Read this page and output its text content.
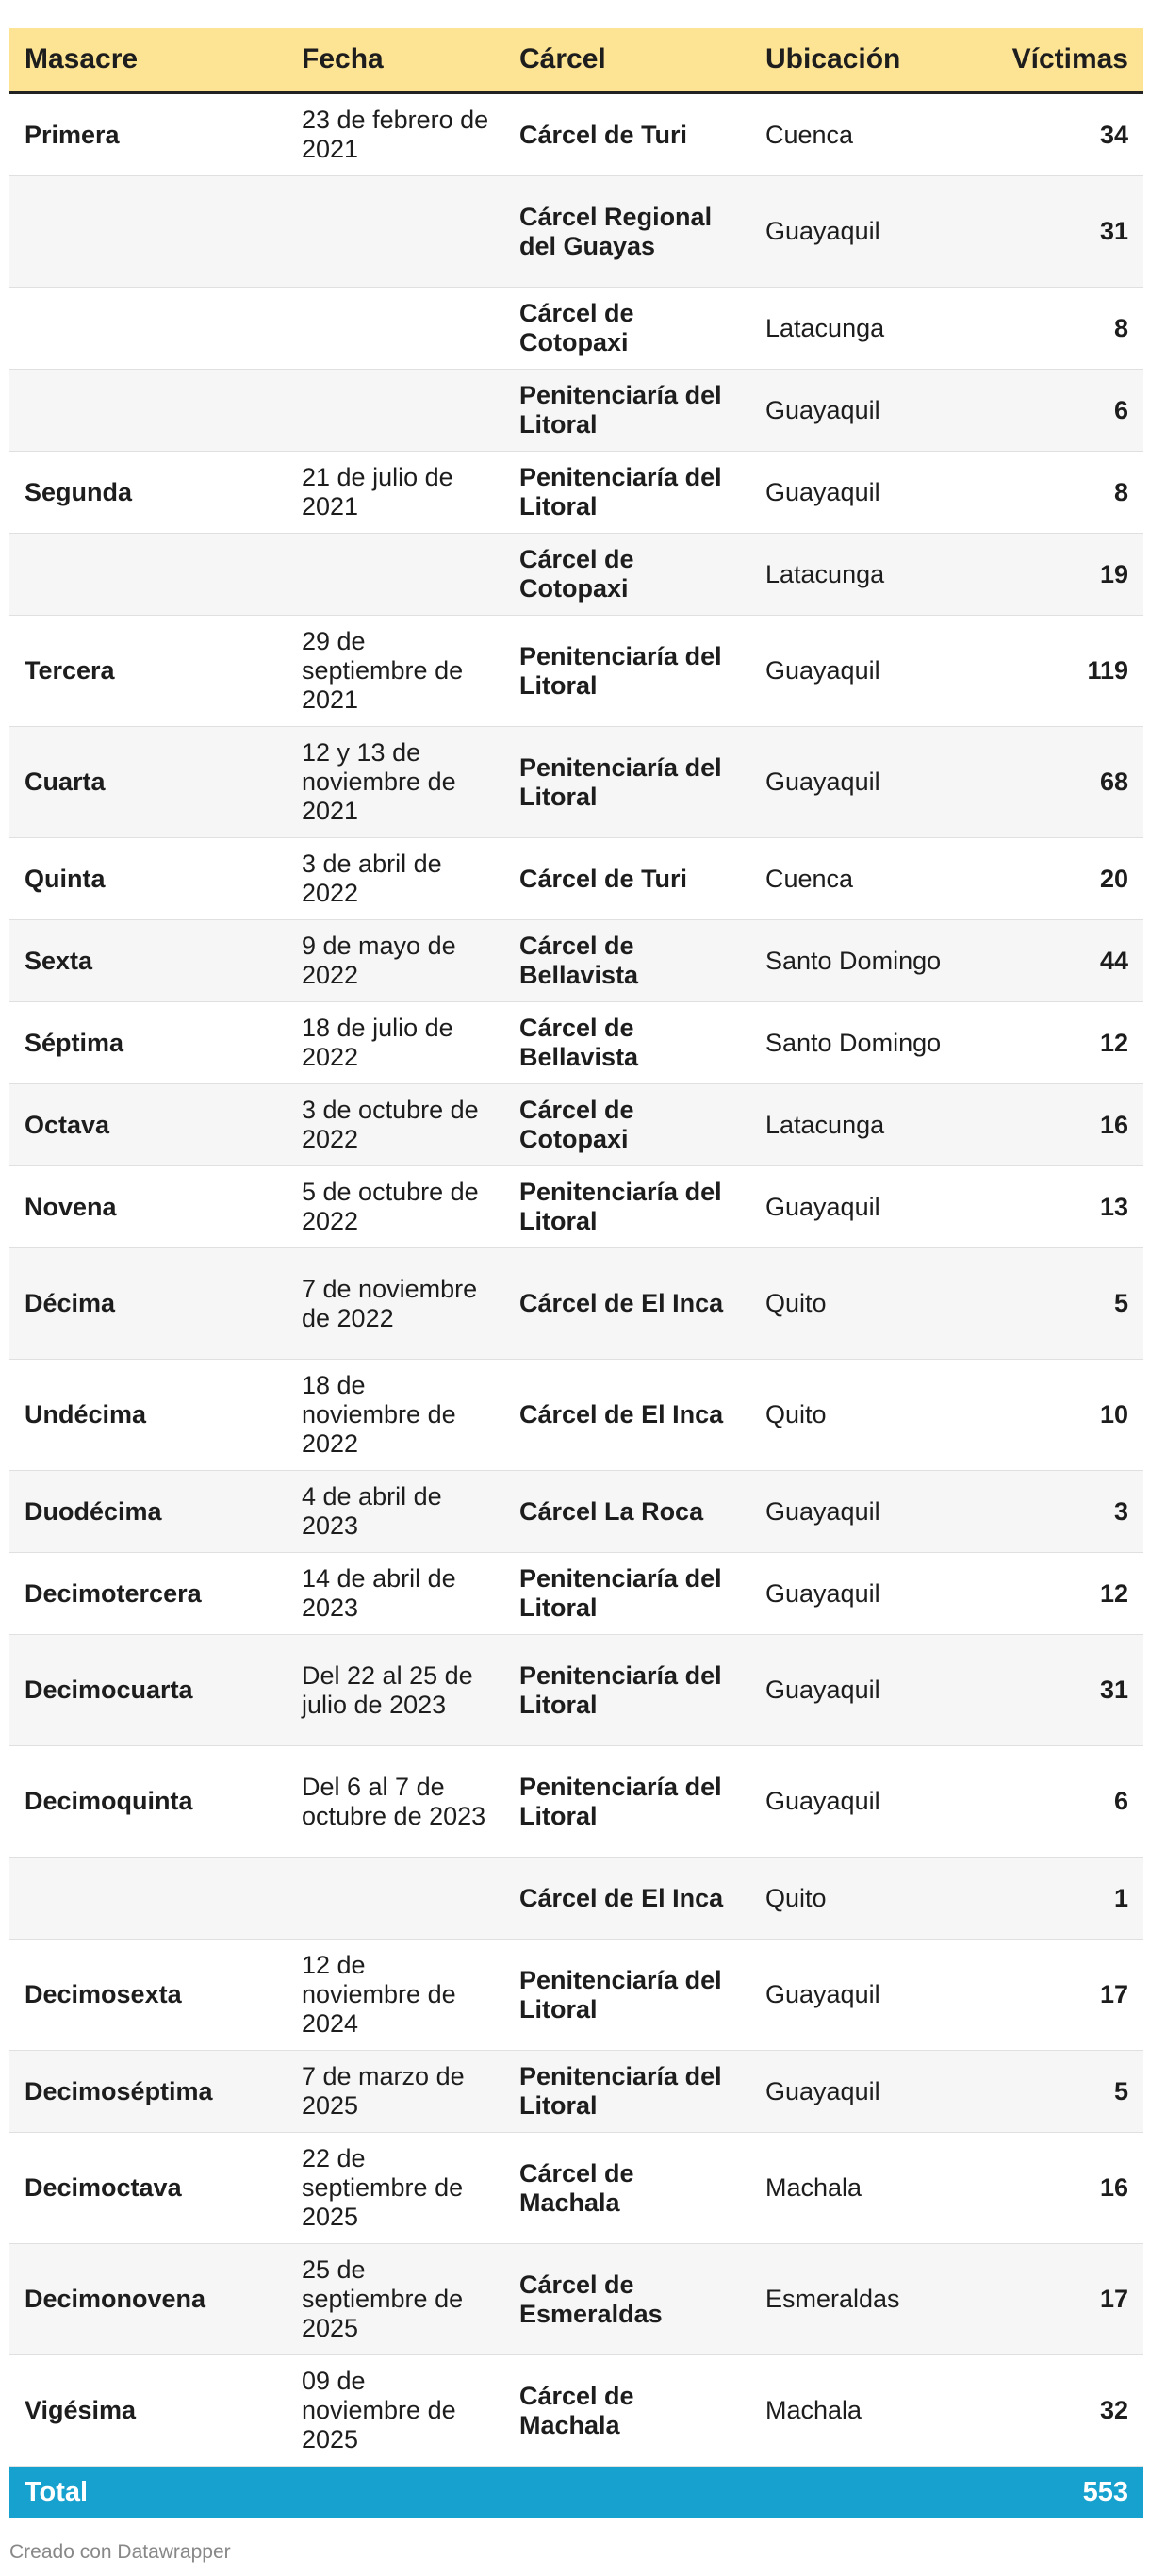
Masacre	Fecha	Cárcel	Ubicación	Víctimas
Primera	23 de febrero de 2021	Cárcel de Turi	Cuenca	34
		Cárcel Regional del Guayas	Guayaquil	31
		Cárcel de Cotopaxi	Latacunga	8
		Penitenciaría del Litoral	Guayaquil	6
Segunda	21 de julio de 2021	Penitenciaría del Litoral	Guayaquil	8
		Cárcel de Cotopaxi	Latacunga	19
Tercera	29 de septiembre de 2021	Penitenciaría del Litoral	Guayaquil	119
Cuarta	12 y 13 de noviembre de 2021	Penitenciaría del Litoral	Guayaquil	68
Quinta	3 de abril de 2022	Cárcel de Turi	Cuenca	20
Sexta	9 de mayo de 2022	Cárcel de Bellavista	Santo Domingo	44
Séptima	18 de julio de 2022	Cárcel de Bellavista	Santo Domingo	12
Octava	3 de octubre de 2022	Cárcel de Cotopaxi	Latacunga	16
Novena	5 de octubre de 2022	Penitenciaría del Litoral	Guayaquil	13
Décima	7 de noviembre de 2022	Cárcel de El Inca	Quito	5
Undécima	18 de noviembre de 2022	Cárcel de El Inca	Quito	10
Duodécima	4 de abril de 2023	Cárcel La Roca	Guayaquil	3
Decimotercera	14 de abril de 2023	Penitenciaría del Litoral	Guayaquil	12
Decimocuarta	Del 22 al 25 de julio de 2023	Penitenciaría del Litoral	Guayaquil	31
Decimoquinta	Del 6 al 7 de octubre de 2023	Penitenciaría del Litoral	Guayaquil	6
		Cárcel de El Inca	Quito	1
Decimosexta	12 de noviembre de 2024	Penitenciaría del Litoral	Guayaquil	17
Decimoséptima	7 de marzo de 2025	Penitenciaría del Litoral	Guayaquil	5
Decimoctava	22 de septiembre de 2025	Cárcel de Machala	Machala	16
Decimonovena	25 de septiembre de 2025	Cárcel de Esmeraldas	Esmeraldas	17
Vigésima	09 de noviembre de 2025	Cárcel de Machala	Machala	32
Total				553
Creado con Datawrapper
